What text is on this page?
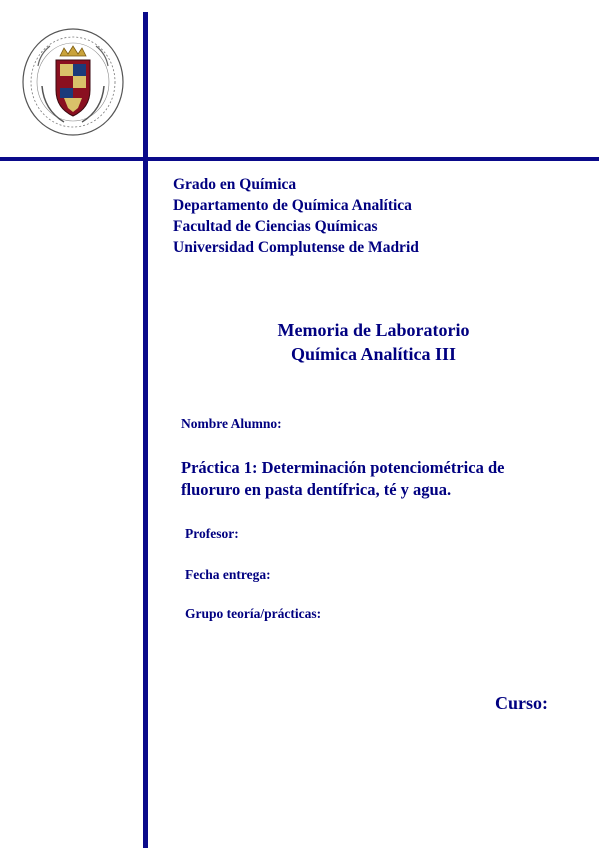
Grado en Química
Departamento de Química Analítica
Facultad de Ciencias Químicas
Universidad Complutense de Madrid
Memoria de Laboratorio
Química Analítica III
Nombre Alumno:
Práctica 1: Determinación potenciométrica de
fluoruro en pasta dentífrica, té y agua.
Profesor:
Fecha entrega:
Grupo teoría/prácticas:
Curso:
